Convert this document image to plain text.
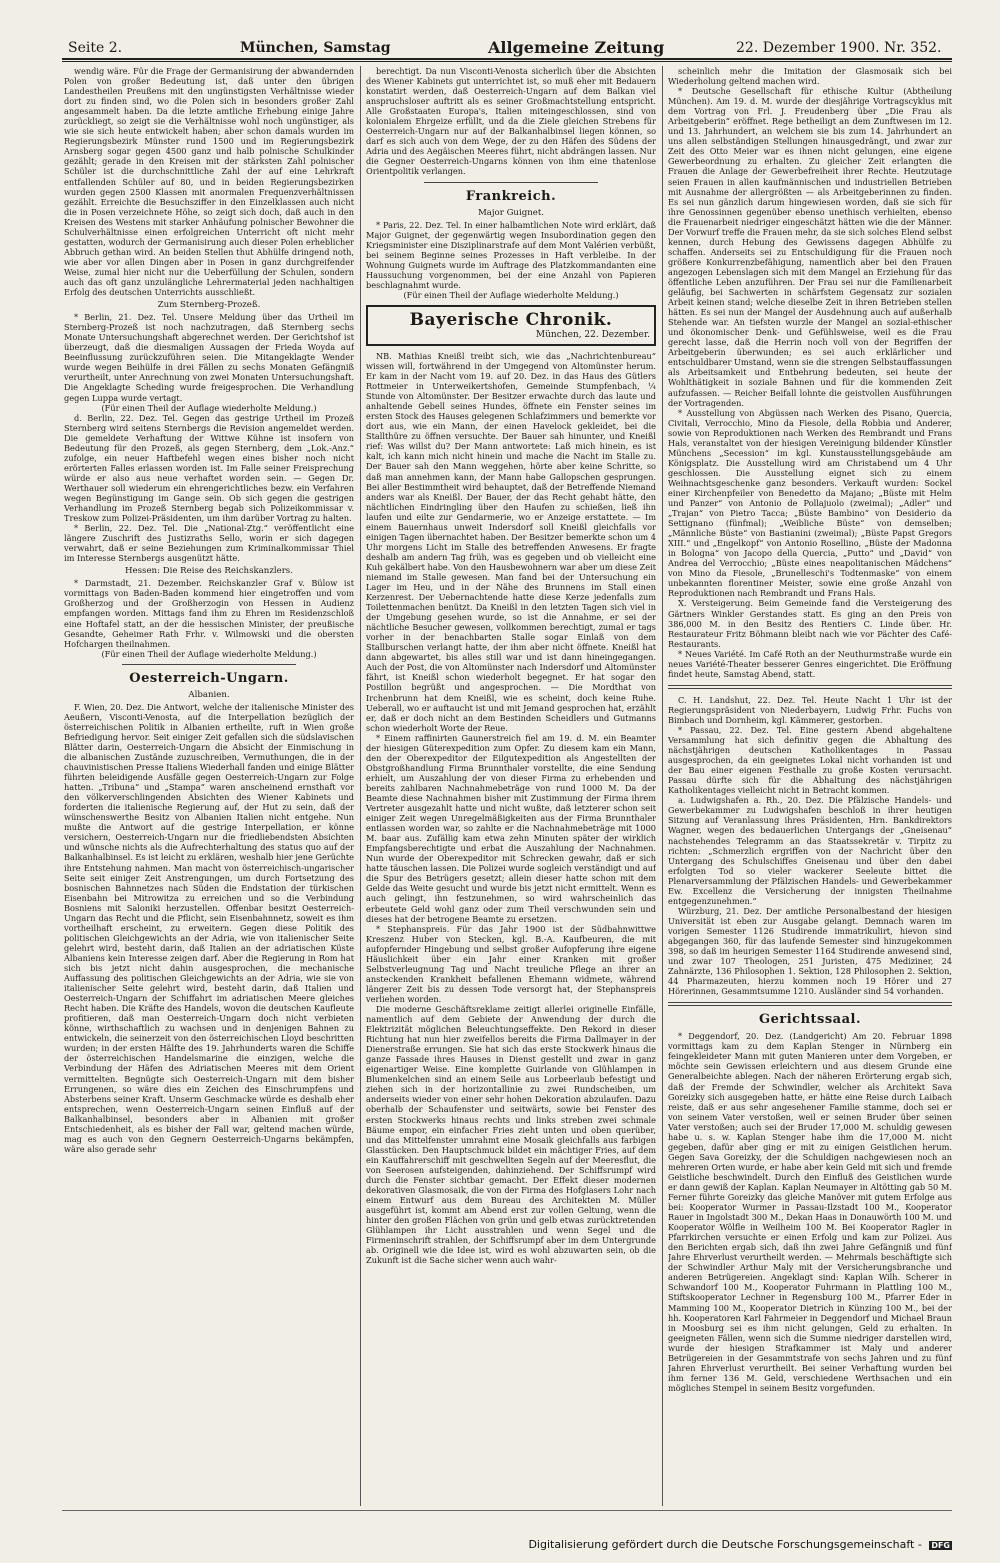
Seite 2.	München, Samstag	Allgemeine Zeitung	22. Dezember 1900. Nr. 352.

wendig wäre. Für die Frage der Germanisirung der abwandernden Polen von großer Bedeutung ist, daß unter den übrigen Landestheilen Preußens mit den ungünstigsten Verhältnisse wieder dort zu finden sind, wo die Polen sich in besonders großer Zahl angesammelt haben. Da die letzte amtliche Erhebung einige Jahre zurückliegt, so zeigt sie die Verhältnisse wohl noch ungünstiger, als wie sie sich heute entwickelt haben; aber schon damals wurden im Regierungsbezirk Münster rund 1500 und im Regierungsbezirk Arnsberg sogar gegen 4500 ganz und halb polnische Schulkinder gezählt; gerade in den Kreisen mit der stärksten Zahl polnischer Schüler ist die durchschnittliche Zahl der auf eine Lehrkraft entfallenden Schüler auf 80, und in beiden Regierungsbezirken wurden gegen 2500 Klassen mit anormalen Frequenzverhältnissen gezählt. Erreichte die Besuchsziffer in den Einzelklassen auch nicht die in Posen verzeichnete Höhe, so zeigt sich doch, daß auch in den Kreisen des Westens mit starker Anhäufung polnischer Bewohner die Schulverhältnisse einen erfolgreichen Unterricht oft nicht mehr gestatten, wodurch der Germanisirung auch dieser Polen erheblicher Abbruch gethan wird. An beiden Stellen thut Abhülfe dringend noth, wie aber vor allen Dingen aber in Posen in ganz durchgreifender Weise, zumal hier nicht nur die Ueberfüllung der Schulen, sondern auch das oft ganz unzulängliche Lehrermaterial jeden nachhaltigen Erfolg des deutschen Unterrichts ausschließt.

Zum Sternberg-Prozeß.

* Berlin, 21. Dez. Tel. Unsere Meldung über das Urtheil im Sternberg-Prozeß ist noch nachzutragen, daß Sternberg sechs Monate Untersuchungshaft abgerechnet werden. Der Gerichtshof ist überzeugt, daß die diesmaligen Aussagen der Frieda Woyda auf Beeinflussung zurückzuführen seien. Die Mitangeklagte Wender wurde wegen Beihülfe in drei Fällen zu sechs Monaten Gefängniß verurtheilt, unter Anrechnung von zwei Monaten Untersuchungshaft. Die Angeklagte Scheding wurde freigesprochen. Die Verhandlung gegen Luppa wurde vertagt.

(Für einen Theil der Auflage wiederholte Meldung.)

d. Berlin, 22. Dez. Tel. Gegen das gestrige Urtheil im Prozeß Sternberg wird seitens Sternbergs die Revision angemeldet werden. Die gemeldete Verhaftung der Wittwe Kühne ist insofern von Bedeutung für den Prozeß, als gegen Sternberg, dem „Lok.-Anz.“ zufolge, ein neuer Haftbefehl wegen eines bisher noch nicht erörterten Falles erlassen worden ist. Im Falle seiner Freisprechung würde er also aus neue verhaftet worden sein. — Gegen Dr. Werthauer soll wiederum ein ehrengerichtliches bezw. ein Verfahren wegen Begünstigung im Gange sein. Ob sich gegen die gestrigen Verhandlung im Prozeß Sternberg begab sich Polizeikommissar v. Treskow zum Polizei-Präsidenten, um ihm darüber Vortrag zu halten.

* Berlin, 22. Dez. Tel. Die „National-Ztg.“ veröffentlicht eine längere Zuschrift des Justizraths Sello, worin er sich dagegen verwahrt, daß er seine Beziehungen zum Kriminalkommissar Thiel im Interesse Sternbergs ausgenützt hätte.

Hessen: Die Reise des Reichskanzlers.

* Darmstadt, 21. Dezember. Reichskanzler Graf v. Bülow ist vormittags von Baden-Baden kommend hier eingetroffen und vom Großherzog und der Großherzogin von Hessen in Audienz empfangen worden. Mittags fand ihm zu Ehren im Residenzschloß eine Hoftafel statt, an der die hessischen Minister, der preußische Gesandte, Geheimer Rath Frhr. v. Wilmowski und die obersten Hofchargen theilnahmen.

(Für einen Theil der Auflage wiederholte Meldung.)

Oesterreich-Ungarn.
Albanien.

F. Wien, 20. Dez. Die Antwort, welche der italienische Minister des Aeußern, Visconti-Venosta, auf die Interpellation bezüglich der österreichischen Politik in Albanien ertheilte, ruft in Wien große Befriedigung hervor. Seit einiger Zeit gefallen sich die südslavischen Blätter darin, Oesterreich-Ungarn die Absicht der Einmischung in die albanischen Zustände zuzuschreiben, Vermuthungen, die in der chauvinistischen Presse Italiens Wiederhall fanden und einige Blätter führten beleidigende Ausfälle gegen Oesterreich-Ungarn zur Folge hatten. „Tribuna“ und „Stampa“ waren anscheinend ernsthaft vor den völkerverschlingenden Absichten des Wiener Kabinets und forderten die italienische Regierung auf, der Hut zu sein, daß der wünschenswerthe Besitz von Albanien Italien nicht entgehe. Nun mußte die Antwort auf die gestrige Interpellation, er könne versichern, Oesterreich-Ungarn nur die friedliebendsten Absichten und wünsche nichts als die Aufrechterhaltung des status quo auf der Balkanhalbinsel. Es ist leicht zu erklären, weshalb hier jene Gerüchte ihre Entstehung nahmen. Man macht von österreichisch-ungarischer Seite seit einiger Zeit Anstrengungen, um durch Fortsetzung des bosnischen Bahnnetzes nach Süden die Endstation der türkischen Eisenbahn bei Mitrowitza zu erreichen und so die Verbindung Bosniens mit Saloniki herzustellen. Offenbar besitzt Oesterreich-Ungarn das Recht und die Pflicht, sein Eisenbahnnetz, soweit es ihm vortheilhaft erscheint, zu erweitern. Gegen diese Politik des politischen Gleichgewichts an der Adria, wie von italienischer Seite gelehrt wird, besteht darin, daß Italien an der adriatischen Küste Albaniens kein Interesse zeigen darf. Aber die Regierung in Rom hat sich bis jetzt nicht dahin ausgesprochen, die mechanische Auffassung des politischen Gleichgewichts an der Adria, wie sie von italienischer Seite gelehrt wird, besteht darin, daß Italien und Oesterreich-Ungarn der Schiffahrt im adriatischen Meere gleiches Recht haben. Die Kräfte des Handels, wovon die deutschen Kaufleute profitieren, daß man Oesterreich-Ungarn doch nicht verbieten könne, wirthschaftlich zu wachsen und in denjenigen Bahnen zu entwickeln, die seinerzeit von den österreichischen Lloyd beschritten wurden; in der ersten Hälfte des 19. Jahrhunderts waren die Schiffe der österreichischen Handelsmarine die einzigen, welche die Verbindung der Häfen des Adriatischen Meeres mit dem Orient vermittelten. Begnügte sich Oesterreich-Ungarn mit dem bisher Errungenen, so wäre dies ein Zeichen des Einschrumpfens und Absterbens seiner Kraft. Unserm Geschmacke würde es deshalb eher entsprechen, wenn Oesterreich-Ungarn seinen Einfluß auf der Balkanhalbinsel, besonders aber in Albanien mit großer Entschiedenheit, als es bisher der Fall war, geltend machen würde, mag es auch von den Gegnern Oesterreich-Ungarns bekämpfen, wäre also gerade sehr

berechtigt. Da nun Visconti-Venosta sicherlich über die Absichten des Wiener Kabinets gut unterrichtet ist, so muß eher mit Bedauern konstatirt werden, daß Oesterreich-Ungarn auf dem Balkan viel anspruchsloser auftritt als es seiner Großmachtstellung entspricht. Alle Großstaaten Europa's, Italien miteingeschlossen, sind von kolonialem Ehrgeize erfüllt, und da die Ziele gleichen Strebens für Oesterreich-Ungarn nur auf der Balkanhalbinsel liegen können, so darf es sich auch von dem Wege, der zu den Häfen des Südens der Adria und des Aegäischen Meeres führt, nicht abdrängen lassen. Nur die Gegner Oesterreich-Ungarns können von ihm eine thatenlose Orientpolitik verlangen.

Frankreich.
Major Guignet.

* Paris, 22. Dez. Tel. In einer halbamtlichen Note wird erklärt, daß Major Guignet, der gegenwärtig wegen Insubordination gegen den Kriegsminister eine Disziplinarstrafe auf dem Mont Valérien verbüßt, bei seinem Beginne seines Prozesses in Haft verbleibe. In der Wohnung Guignets wurde im Auftrage des Platzkommandanten eine Haussuchung vorgenommen, bei der eine Anzahl von Papieren beschlagnahmt wurde.

(Für einen Theil der Auflage wiederholte Meldung.)

Bayerische Chronik.
München, 22. Dezember.

NB. Mathias Kneißl treibt sich, wie das „Nachrichtenbureau“ wissen will, fortwährend in der Umgegend von Altomünster herum. Er kam in der Nacht vom 19. auf 20. Dez. in das Haus des Gütlers Rottmeier in Unterweikertshofen, Gemeinde Stumpfenbach, ¼ Stunde von Altomünster. Der Besitzer erwachte durch das laute und anhaltende Gebell seines Hundes, öffnete ein Fenster seines im ersten Stock des Hauses gelegenen Schlafzimmers und bemerkte vor dort aus, wie ein Mann, der einen Havelock gekleidet, bei die Stallthüre zu öffnen versuchte. Der Bauer sah hinunter, und Kneißl rief: Was willst du? Der Mann antwortete: Laß mich hinein, es ist kalt, ich kann mich nicht hinein und mache die Nacht im Stalle zu. Der Bauer sah den Mann weggehen, hörte aber keine Schritte, so daß man annehmen kann, der Mann habe Gallopschen gesprungen. Bei aller Bestimmtheit wird behauptet, daß der Betreffende Niemand anders war als Kneißl. Der Bauer, der das Recht gehabt hätte, den nächtlichen Eindringling über den Haufen zu schießen, ließ ihn laufen und eilte zur Gendarmerie, wo er Anzeige erstattete. — Im einem Bauernhaus unweit Indersdorf soll Kneißl gleichfalls vor einigen Tagen übernachtet haben. Der Besitzer bemerkte schon um 4 Uhr morgens Licht im Stalle des betreffenden Anwesens. Er fragte deshalb am andern Tag früh, was es gegeben und ob vielleicht eine Kuh gekälbert habe. Von den Hausbewohnern war aber um diese Zeit niemand im Stalle gewesen. Man fand bei der Untersuchung ein Lager im Heu, und in der Nähe des Brunnens im Stall einen Kerzenrest. Der Uebernachtende hatte diese Kerze jedenfalls zum Toilettenmachen benützt. Da Kneißl in den letzten Tagen sich viel in der Umgebung gesehen wurde, so ist die Annahme, er sei der nächtliche Besucher gewesen, vollkommen berechtigt, zumal er tags vorher in der benachbarten Stalle sogar Einlaß von dem Stallburschen verlangt hatte, der ihm aber nicht öffnete. Kneißl hat dann abgewartet, bis alles still war und ist dann hineingegangen. Auch der Post, die von Altomünster nach Indersdorf und Altomünster fährt, ist Kneißl schon wiederholt begegnet. Er hat sogar den Postillon begrüßt und angesprochen. — Die Mordthat von Irchenbrunn hat dem Kneißl, wie es scheint, doch keine Ruhe. Ueberall, wo er auftaucht ist und mit Jemand gesprochen hat, erzählt er, daß er doch nicht an dem Bestinden Scheidlers und Gutmanns schon wiederholt Worte der Reue.

* Einem raffinirten Gaunerstreich fiel am 19. d. M. ein Beamter der hiesigen Güterexpedition zum Opfer. Zu diesem kam ein Mann, den der Oberexpeditor der Eilgutexpedition als Angestellten der Obstgroßhandlung Firma Brunnthaler vorstellte, die eine Sendung erhielt, um Auszahlung der von dieser Firma zu erhebenden und bereits zahlbaren Nachnahmebeträge von rund 1000 M. Da der Beamte diese Nachnahmen bisher mit Zustimmung der Firma ihrem Vertreter ausgezahlt hatte und nicht wußte, daß letzterer schon seit einiger Zeit wegen Unregelmäßigkeiten aus der Firma Brunnthaler entlassen worden war, so zahlte er die Nachnahmebeträge mit 1000 M. baar aus. Zufällig kam etwa zehn Minuten später der wirklich Empfangsberechtigte und erbat die Auszahlung der Nachnahmen. Nun wurde der Oberexpeditor mit Schrecken gewahr, daß er sich hatte täuschen lassen. Die Polizei wurde sogleich verständigt und auf die Spur des Betrügers gesetzt; allein dieser hatte schon mit dem Gelde das Weite gesucht und wurde bis jetzt nicht ermittelt. Wenn es auch gelingt, ihn festzunehmen, so wird wahrscheinlich das erbeutete Geld wohl ganz oder zum Theil verschwunden sein und dieses hat der betrogene Beamte zu ersetzen.

* Stephanspreis. Für das Jahr 1900 ist der Südbahnwittwe Kreszenz Huber von Stecken, kgl. B.-A. Kaufbeuren, die mit aufopfernder Hingebung und selbst großer Aufopferung ihre eigene Häuslichkeit über ein Jahr einer Kranken mit großer Selbstverleugnung Tag und Nacht treuliche Pflege an ihrer an ansteckenden Krankheit befallenen Ehemann widmete, während längerer Zeit bis zu dessen Tode versorgt hat, der Stephanspreis verliehen worden.

Die moderne Geschäftsreklame zeitigt allerlei originelle Einfälle, namentlich auf dem Gebiete der Anwendung der durch die Elektrizität möglichen Beleuchtungseffekte. Den Rekord in dieser Richtung hat nun hier zweifellos bereits die Firma Dallmayer in der Dienerstraße errungen. Sie hat sich das erste Stockwerk hinaus die ganze Fassade ihres Hauses in Dienst gestellt und zwar in ganz eigenartiger Weise. Eine komplette Guirlande von Glühlampen in Blumenkelchen sind an einem Seile aus Lorbeerlaub befestigt und ziehen sich in der horizontallinie zu zwei Rundscheiben, um anderseits wieder von einer sehr hohen Dekoration abzulaufen. Dazu oberhalb der Schaufenster und seitwärts, sowie bei Fenster des ersten Stockwerks hinaus rechts und links streben zwei schmale Bäume empor, ein einfacher Fries zieht unten und oben querüber, und das Mittelfenster umrahmt eine Mosaik gleichfalls aus farbigen Glasstücken. Den Hauptschmuck bildet ein mächtiger Fries, auf dem ein Kauffahrerschiff mit geschwellten Segeln auf der Meeresflut, die von Seerosen aufsteigenden, dahinziehend. Der Schiffsrumpf wird durch die Fenster sichtbar gemacht. Der Effekt dieser modernen dekorativen Glasmosaik, die von der Firma des Hofglasers Lohr nach einem Entwurf aus dem Bureau des Architekten M. Müller ausgeführt ist, kommt am Abend erst zur vollen Geltung, wenn die hinter den großen Flächen von grün und gelb etwas zurücktretenden Glühlampen ihr Licht ausstrahlen und wenn Segel und die Firmeninschrift strahlen, der Schiffsrumpf aber im dem Untergrunde ab. Originell wie die Idee ist, wird es wohl abzuwarten sein, ob die Zukunft ist die Sache sicher wenn auch wahr-

scheinlich mehr die Imitation der Glasmosaik sich bei Wiederholung geltend machen wird.

* Deutsche Gesellschaft für ethische Kultur (Abtheilung München). Am 19. d. M. wurde der diesjährige Vortragscyklus mit dem Vortrag von Frl. J. Freudenberg über „Die Frau als Arbeitgeberin“ eröffnet. Rege betheiligt an dem Zunftwesen im 12. und 13. Jahrhundert, an welchem sie bis zum 14. Jahrhundert an uns allen selbständigen Stellungen hinausgedrängt, und zwar zur Zeit des Otto Meier war es ihnen nicht gelungen, eine eigene Gewerbeordnung zu erhalten. Zu gleicher Zeit erlangten die Frauen die Anlage der Gewerbefreiheit ihrer Rechte. Heutzutage seien Frauen in allen kaufmännischen und industriellen Betrieben mit Ausnahme der allergrößten — als Arbeitgeberinnen zu finden. Es sei nun gänzlich darum hingewiesen worden, daß sie sich für ihre Genossinnen gegenüber ebenso unethisch verhielten, ebenso die Frauenarbeit niedriger eingeschätzt hätten wie die der Männer. Der Vorwurf treffe die Frauen mehr, da sie sich solches Elend selbst kennen, durch Hebung des Gewissens dagegen Abhülfe zu schaffen. Anderseits sei zu Entschuldigung für die Frauen noch größere Konkurrenzbefähigung, namentlich aber bei den Frauen angezogen Lebenslagen sich mit dem Mangel an Erziehung für das öffentliche Leben anzuführen. Der Frau sei nur die Familienarbeit geläufig, bei Sachwerten in schärfstem Gegensatz zur sozialen Arbeit keinen stand; welche dieselbe Zeit in ihren Betrieben stellen hätten. Es sei nun der Mangel der Ausdehnung auch auf außerhalb Stehende war. An tiefsten wurzle der Mangel an sozial-ethischer und ökonomischer Denk- und Gefühlsweise, weil es die Frau gerecht lasse, daß die Herrin noch voll von der Begriffen der Arbeitgeberin überwunden; es sei auch erklärlicher und entschuldbarer Umstand, wenn sie die strengen Selbstauffassungen als Arbeitsamkeit und Entbehrung bedeuten, sei heute der Wohlthätigkeit in soziale Bahnen und für die kommenden Zeit aufzufassen. — Reicher Beifall lohnte die geistvollen Ausführungen der Vortragenden.

* Ausstellung von Abgüssen nach Werken des Pisano, Quercia, Civitali, Verrocchio, Mino da Fiesole, della Robbia und Anderer, sowie von Reproduktionen nach Werken des Rembrandt und Frans Hals, veranstaltet von der hiesigen Vereinigung bildender Künstler Münchens „Secession“ im kgl. Kunstausstellungsgebäude am Königsplatz. Die Ausstellung wird am Christabend um 4 Uhr geschlossen. Die Ausstellung eignet sich zu einem Weihnachtsgeschenke ganz besonders. Verkauft wurden: Sockel einer Kirchenpfeiler von Benedetto da Majano; „Büste mit Helm und Panzer“ von Antonio de Pollajuolo (zweimal); „Adler“ und „Trajan“ von Pietro Tacca; „Büste Bambino“ von Desiderio da Settignano (fünfmal); „Weibliche Büste“ von demselben; „Männliche Büste“ von Bastianini (zweimal); „Büste Papst Gregors XIII.“ und „Engelkopf“ von Antonio Rosellino, „Büste der Madonna in Bologna“ von Jacopo della Quercia, „Putto“ und „David“ von Andrea del Verrocchio; „Büste eines neapolitanischen Mädchens“ von Mino da Fiesole, „Brunelleschi's Todtenmaske“ von einem unbekannten florentiner Meister, sowie eine große Anzahl von Reproduktionen nach Rembrandt und Frans Hals.

X. Versteigerung. Beim Gemeinde fand die Versteigerung des Gärtners Winkler Gerstandes statt. Es ging an den Preis von 386,000 M. in den Besitz des Rentiers C. Linde über. Hr. Restaurateur Fritz Böhmann bleibt nach wie vor Pächter des Café-Restaurants.

* Neues Variété. Im Café Roth an der Neuthurmstraße wurde ein neues Variété-Theater besserer Genres eingerichtet. Die Eröffnung findet heute, Samstag Abend, statt.

C. H. Landshut, 22. Dez. Tel. Heute Nacht 1 Uhr ist der Regierungspräsident von Niederbayern, Ludwig Frhr. Fuchs von Bimbach und Dornheim, kgl. Kämmerer, gestorben.

* Passau, 22. Dez. Tel. Eine gestern Abend abgehaltene Versammlung hat sich definitiv gegen die Abhaltung des nächstjährigen deutschen Katholikentages in Passau ausgesprochen, da ein geeignetes Lokal nicht vorhanden ist und der Bau einer eigenen Festhalle zu große Kosten verursacht. Passau dürfte sich für die Abhaltung des nächstjährigen Katholikentages vielleicht nicht in Betracht kommen.

a. Ludwigshafen a. Rh., 20. Dez. Die Pfälzische Handels- und Gewerbekammer zu Ludwigshafen beschloß in ihrer heutigen Sitzung auf Veranlassung ihres Präsidenten, Hrn. Bankdirektors Wagner, wegen des bedauerlichen Untergangs der „Gneisenau“ nachstehendes Telegramm an das Staatssekretär v. Tirpitz zu richten: „Schmerzlich ergriffen von der Nachricht über den Untergang des Schulschiffes Gneisenau und über den dabei erfolgten Tod so vieler wackerer Seeleute bittet die Plenarversammlung der Pfälzischen Handels- und Gewerbekammer Ew. Excellenz die Versicherung der innigsten Theilnahme entgegenzunehmen.“

Würzburg, 21. Dez. Der amtliche Personalbestand der hiesigen Universität ist eben zur Ausgabe gelangt. Demnach waren im vorigen Semester 1126 Studirende immatrikulirt, hievon sind abgegangen 360, für das laufende Semester sind hinzugekommen 398, so daß im heurigen Semester 1164 Studirende anwesend sind, und zwar 107 Theologen, 251 Juristen, 475 Mediziner, 24 Zahnärzte, 136 Philosophen 1. Sektion, 128 Philosophen 2. Sektion, 44 Pharmazeuten, hierzu kommen noch 19 Hörer und 27 Hörerinnen, Gesammtsumme 1210. Ausländer sind 54 vorhanden.

Gerichtssaal.

* Deggendorf, 20. Dez. (Landgericht) Am 20. Februar 1898 vormittags kam zu dem Kaplan Stenger in Nürnberg ein feingekleideter Mann mit guten Manieren unter dem Vorgeben, er möchte sein Gewissen erleichtern und aus diesem Grunde eine Generalbeichte ablegen. Nach der näheren Erörterung ergab sich, daß der Fremde der Schwindler, welcher als Architekt Sava Goreizky sich ausgegeben hatte, er hätte eine Reise durch Laibach reiste, daß er aus sehr angesehener Familie stamme, doch sei er von seinem Vater verstoßen, weil er seinen Bruder über seinen Vater verstoßen; auch sei der Bruder 17,000 M. schuldig gewesen habe u. s. w. Kaplan Stenger habe ihm die 17,000 M. nicht gegeben, dafür aber ging er mit zu einigen Geistlichen herum. Gegen Sava Goreizky, der die Schuldigen nachgewiesen noch an mehreren Orten wurde, er habe aber kein Geld mit sich und fremde Geistliche beschwindelt. Durch den Einfluß des Geistlichen wurde er dann gewiß der Kaplan. Kaplan Neumayer in Altötting gab 50 M. Ferner führte Goreizky das gleiche Manöver mit gutem Erfolge aus bei: Kooperator Wurmer in Passau-Ilzstadt 100 M., Kooperator Rauer in Ingolstadt 300 M., Dekan Haas in Donauwörth 100 M. und Kooperator Wölfle in Weilheim 100 M. Bei Kooperator Ragler in Pfarrkirchen versuchte er einen Erfolg und kam zur Polizei. Aus den Berichten ergab sich, daß ihn zwei Jahre Gefängniß und fünf Jahre Ehrverlust verurtheilt werden. — Mehrmals beschäftigte sich der Schwindler Arthur Maly mit der Versicherungsbranche und anderen Betrügereien. Angeklagt sind: Kaplan Wilh. Scherer in Schwandorf 100 M., Kooperator Fuhrmann in Plattling 100 M., Stiftskooperator Lechner in Regensburg 100 M., Pfarrer Eder in Mamming 100 M., Kooperator Dietrich in Künzing 100 M., bei der hh. Kooperatoren Karl Fahrmeier in Deggendorf und Michael Braun in Moosburg sei es ihm nicht gelungen, Geld zu erhalten. In geeigneten Fällen, wenn sich die Summe niedriger darstellen wird, wurde der hiesigen Strafkammer ist Maly und anderer Betrügereien in der Gesammtstrafe von sechs Jahren und zu fünf Jahren Ehrverlust verurtheilt. Bei seiner Verhaftung wurden bei ihm ferner 136 M. Geld, verschiedene Werthsachen und ein mögliches Stempel in seinem Besitz vorgefunden.

Digitalisierung gefördert durch die Deutsche Forschungsgemeinschaft - DFG
